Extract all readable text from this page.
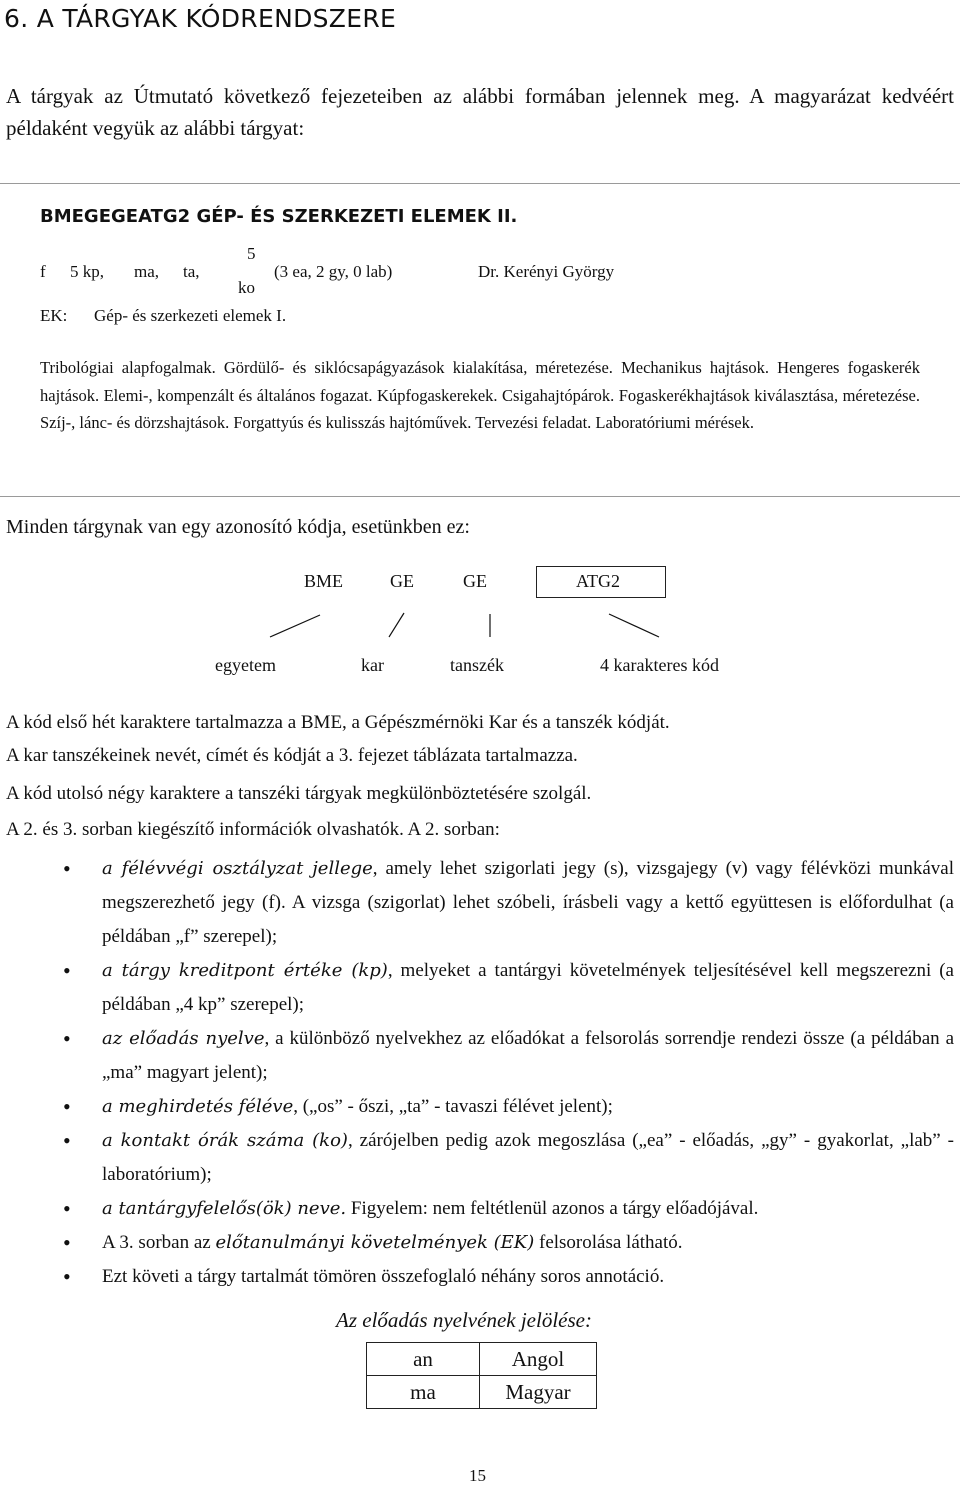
6. A TÁRGYAK KÓDRENDSZERE
A tárgyak az Útmutató következő fejezeteiben az alábbi formában jelennek meg. A magyarázat kedvéért példaként vegyük az alábbi tárgyat:
BMEGEGEATG2 GÉP- ÉS SZERKEZETI ELEMEK II.
f 5 kp, ma, ta,
5
ko
(3 ea, 2 gy, 0 lab)	Dr. Kerényi György
EK: Gép- és szerkezeti elemek I.
Tribológiai alapfogalmak. Gördülő- és siklócsapágyazások kialakítása, méretezése. Mechanikus hajtások. Hengeres fogaskerék hajtások. Elemi-, kompenzált és általános fogazat. Kúpfogaskerekek. Csigahajtópárok. Fogaskerékhajtások kiválasztása, méretezése. Szíj-, lánc- és dörzshajtások. Forgattyús és kulisszás hajtóművek. Tervezési feladat. Laboratóriumi mérések.
Minden tárgynak van egy azonosító kódja, esetünkben ez:
BME	GE	GE	ATG2
egyetem	kar	tanszék	4 karakteres kód
A kód első hét karaktere tartalmazza a BME, a Gépészmérnöki Kar és a tanszék kódját.
A kar tanszékeinek nevét, címét és kódját a 3. fejezet táblázata tartalmazza.
A kód utolsó négy karaktere a tanszéki tárgyak megkülönböztetésére szolgál.
A 2. és 3. sorban kiegészítő információk olvashatók. A 2. sorban:
• a félévvégi osztályzat jellege, amely lehet szigorlati jegy (s), vizsgajegy (v) vagy félévközi munkával megszerezhető jegy (f). A vizsga (szigorlat) lehet szóbeli, írásbeli vagy a kettő együttesen is előfordulhat (a példában „f” szerepel);
• a tárgy kreditpont értéke (kp), melyeket a tantárgyi követelmények teljesítésével kell megszerezni (a példában „4 kp” szerepel);
• az előadás nyelve, a különböző nyelvekhez az előadókat a felsorolás sorrendje rendezi össze (a példában a „ma” magyart jelent);
• a meghirdetés féléve, („os” - őszi, „ta” - tavaszi félévet jelent);
• a kontakt órák száma (ko), zárójelben pedig azok megoszlása („ea” - előadás, „gy” - gyakorlat, „lab” - laboratórium);
• a tantárgyfelelős(ök) neve. Figyelem: nem feltétlenül azonos a tárgy előadójával.
• A 3. sorban az előtanulmányi követelmények (EK) felsorolása látható.
• Ezt követi a tárgy tartalmát tömören összefoglaló néhány soros annotáció.
Az előadás nyelvének jelölése:
an	Angol
ma	Magyar
15
